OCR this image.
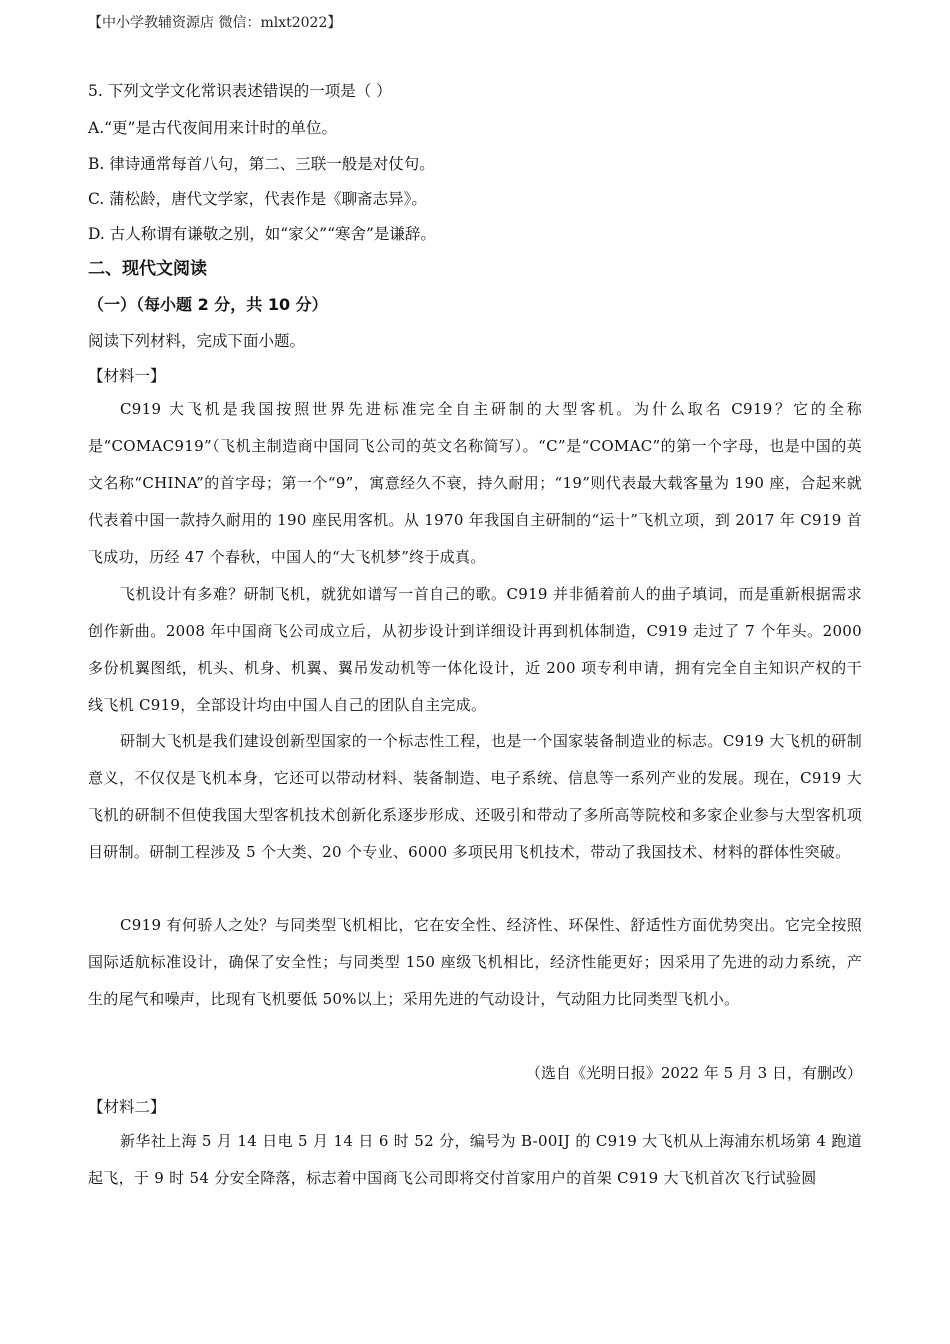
【中小学教辅资源店 微信：mlxt2022】
5. 下列文学文化常识表述错误的一项是（ ）
A.“更”是古代夜间用来计时的单位。
B. 律诗通常每首八句，第二、三联一般是对仗句。
C. 蒲松龄，唐代文学家，代表作是《聊斋志异》。
D. 古人称谓有谦敬之别，如“家父”“寒舍”是谦辞。
二、现代文阅读
（一）（每小题 2 分，共 10 分）
阅读下列材料，完成下面小题。
【材料一】
C919 大飞机是我国按照世界先进标准完全自主研制的大型客机。为什么取名 C919？它的全称是“COMAC919”（飞机主制造商中国同飞公司的英文名称简写）。“C”是“COMAC”的第一个字母，也是中国的英文名称“CHINA”的首字母；第一个“9”，寓意经久不衰，持久耐用；“19”则代表最大载客量为 190 座，合起来就代表着中国一款持久耐用的 190 座民用客机。从 1970 年我国自主研制的“运十”飞机立项，到 2017 年 C919 首飞成功，历经 47 个春秋，中国人的“大飞机梦”终于成真。
飞机设计有多难？研制飞机，就犹如谱写一首自己的歌。C919 并非循着前人的曲子填词，而是重新根据需求创作新曲。2008 年中国商飞公司成立后，从初步设计到详细设计再到机体制造，C919 走过了 7 个年头。2000 多份机翼图纸，机头、机身、机翼、翼吊发动机等一体化设计，近 200 项专利申请，拥有完全自主知识产权的干线飞机 C919，全部设计均由中国人自己的团队自主完成。
研制大飞机是我们建设创新型国家的一个标志性工程，也是一个国家装备制造业的标志。C919 大飞机的研制意义，不仅仅是飞机本身，它还可以带动材料、装备制造、电子系统、信息等一系列产业的发展。现在，C919 大飞机的研制不但使我国大型客机技术创新化系逐步形成、还吸引和带动了多所高等院校和多家企业参与大型客机项目研制。研制工程涉及 5 个大类、20 个专业、6000 多项民用飞机技术，带动了我国技术、材料的群体性突破。
C919 有何骄人之处？与同类型飞机相比，它在安全性、经济性、环保性、舒适性方面优势突出。它完全按照国际适航标准设计，确保了安全性；与同类型 150 座级飞机相比，经济性能更好；因采用了先进的动力系统，产生的尾气和噪声，比现有飞机要低 50%以上；采用先进的气动设计，气动阻力比同类型飞机小。
（选自《光明日报》2022 年 5 月 3 日，有删改）
【材料二】
新华社上海 5 月 14 日电 5 月 14 日 6 时 52 分，编号为 B-00IJ 的 C919 大飞机从上海浦东机场第 4 跑道起飞，于 9 时 54 分安全降落，标志着中国商飞公司即将交付首家用户的首架 C919 大飞机首次飞行试验圆
